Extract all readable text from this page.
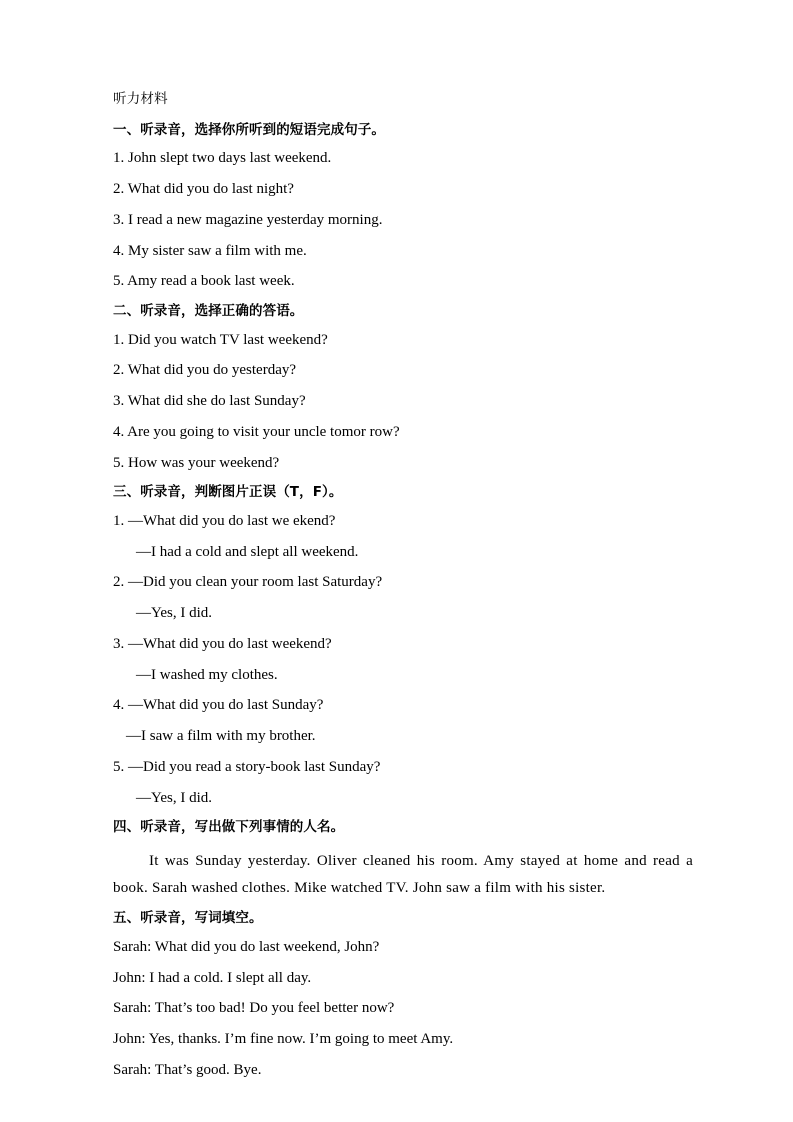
听力材料
一、听录音，选择你所听到的短语完成句子。
1. John slept two days last weekend.
2. What did you do last night?
3. I read a new magazine yesterday morning.
4. My sister saw a film with me.
5. Amy read a book last week.
二、听录音，选择正确的答语。
1. Did you watch TV last weekend?
2. What did you do yesterday?
3. What did she do last Sunday?
4. Are you going to visit your uncle tomor row?
5. How was your weekend?
三、听录音，判断图片正误（T，F）。
1. —What did you do last we ekend?
—I had a cold and slept all weekend.
2. —Did you clean your room last Saturday?
—Yes, I did.
3. —What did you do last weekend?
—I washed my clothes.
4. —What did you do last Sunday?
—I saw a film with my brother.
5. —Did you read a story-book last Sunday?
—Yes, I did.
四、听录音，写出做下列事情的人名。
It was Sunday yesterday. Oliver cleaned his room. Amy stayed at home and read a book. Sarah washed clothes. Mike watched TV. John saw a film with his sister.
五、听录音，写词填空。
Sarah: What did you do last weekend, John?
John: I had a cold. I slept all day.
Sarah: That’s too bad! Do you feel better now?
John: Yes, thanks. I’m fine now. I’m going to meet Amy.
Sarah: That’s good. Bye.
